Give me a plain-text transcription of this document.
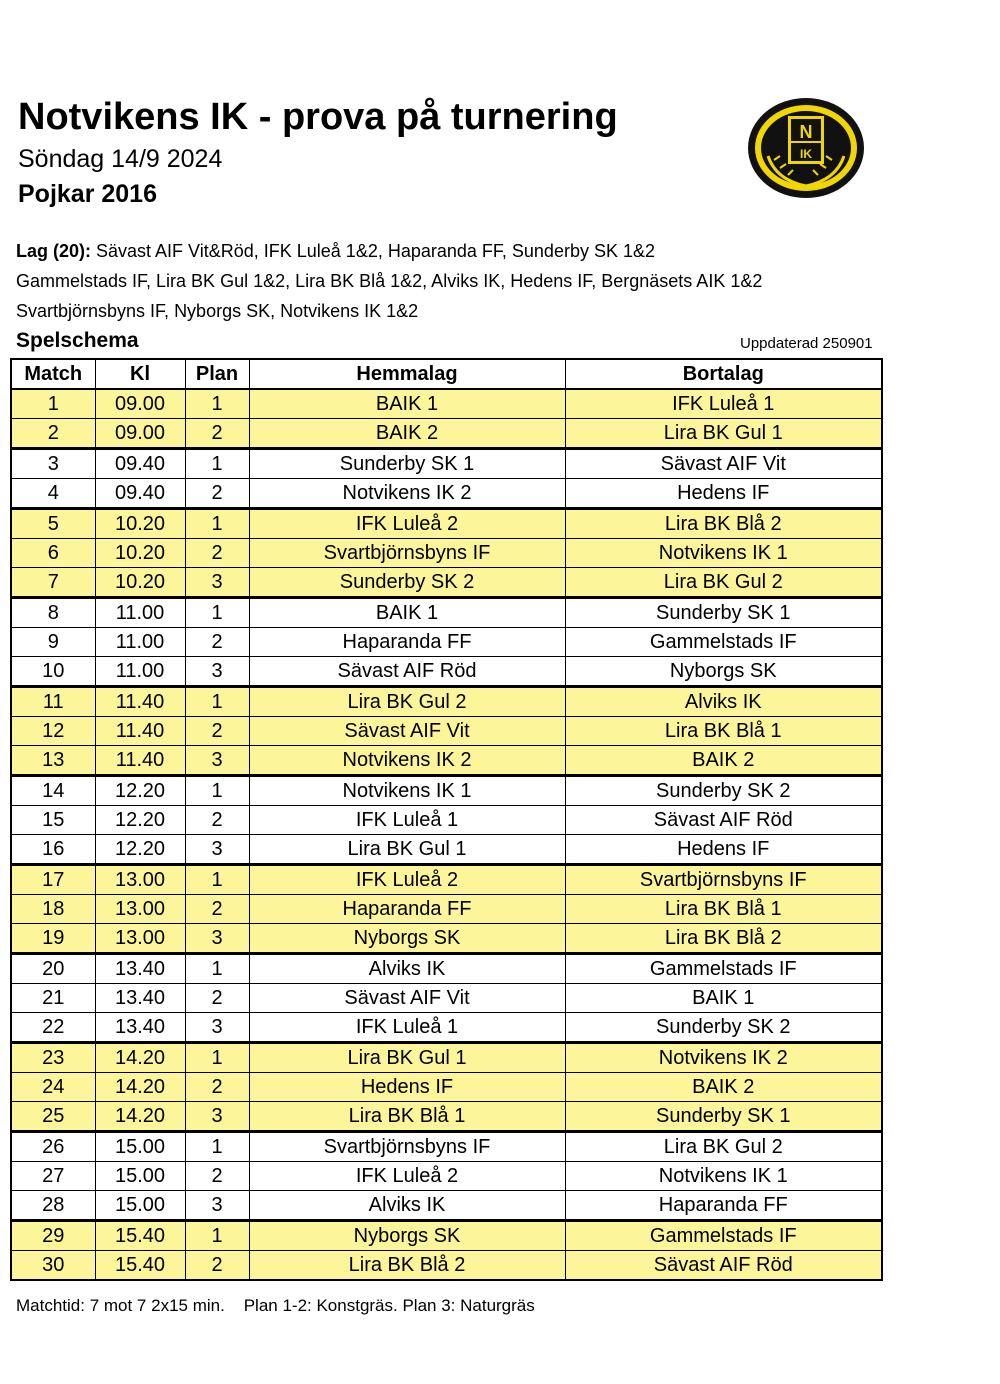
Notvikens IK - prova på turnering
Söndag 14/9 2024
Pojkar 2016
N
IK
Lag (20): Sävast AIF Vit&Röd, IFK Luleå 1&2, Haparanda FF, Sunderby SK 1&2
Gammelstads IF, Lira BK Gul 1&2, Lira BK Blå 1&2, Alviks IK, Hedens IF, Bergnäsets AIK 1&2
Svartbjörnsbyns IF, Nyborgs SK, Notvikens IK 1&2
Spelschema	Uppdaterad 250901
Match	Kl	Plan	Hemmalag	Bortalag
1	09.00	1	BAIK 1	IFK Luleå 1
2	09.00	2	BAIK 2	Lira BK Gul 1
3	09.40	1	Sunderby SK 1	Sävast AIF Vit
4	09.40	2	Notvikens IK 2	Hedens IF
5	10.20	1	IFK Luleå 2	Lira BK Blå 2
6	10.20	2	Svartbjörnsbyns IF	Notvikens IK 1
7	10.20	3	Sunderby SK 2	Lira BK Gul 2
8	11.00	1	BAIK 1	Sunderby SK 1
9	11.00	2	Haparanda FF	Gammelstads IF
10	11.00	3	Sävast AIF Röd	Nyborgs SK
11	11.40	1	Lira BK Gul 2	Alviks IK
12	11.40	2	Sävast AIF Vit	Lira BK Blå 1
13	11.40	3	Notvikens IK 2	BAIK 2
14	12.20	1	Notvikens IK 1	Sunderby SK 2
15	12.20	2	IFK Luleå 1	Sävast AIF Röd
16	12.20	3	Lira BK Gul 1	Hedens IF
17	13.00	1	IFK Luleå 2	Svartbjörnsbyns IF
18	13.00	2	Haparanda FF	Lira BK Blå 1
19	13.00	3	Nyborgs SK	Lira BK Blå 2
20	13.40	1	Alviks IK	Gammelstads IF
21	13.40	2	Sävast AIF Vit	BAIK 1
22	13.40	3	IFK Luleå 1	Sunderby SK 2
23	14.20	1	Lira BK Gul 1	Notvikens IK 2
24	14.20	2	Hedens IF	BAIK 2
25	14.20	3	Lira BK Blå 1	Sunderby SK 1
26	15.00	1	Svartbjörnsbyns IF	Lira BK Gul 2
27	15.00	2	IFK Luleå 2	Notvikens IK 1
28	15.00	3	Alviks IK	Haparanda FF
29	15.40	1	Nyborgs SK	Gammelstads IF
30	15.40	2	Lira BK Blå 2	Sävast AIF Röd
Matchtid: 7 mot 7 2x15 min.    Plan 1-2: Konstgräs. Plan 3: Naturgräs
